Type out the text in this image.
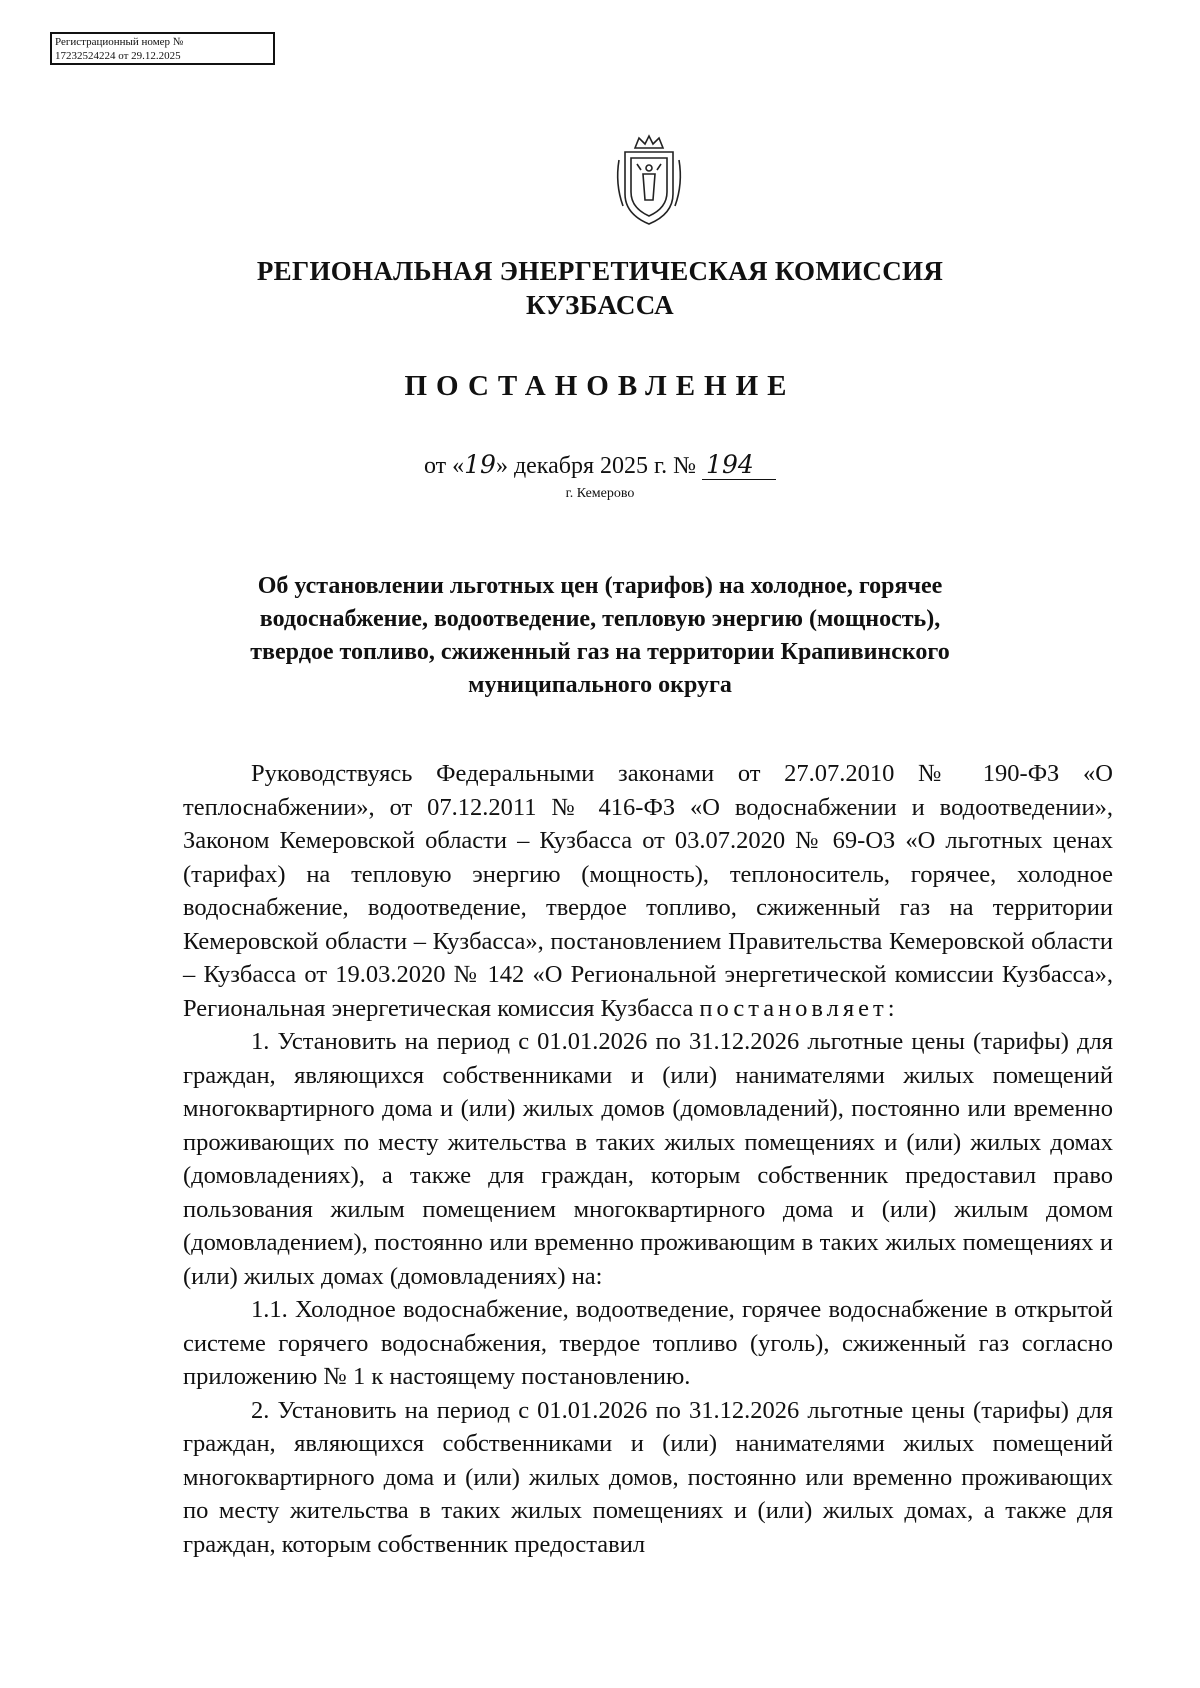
Регистрационный номер №
17232524224 от 29.12.2025
РЕГИОНАЛЬНАЯ ЭНЕРГЕТИЧЕСКАЯ КОМИССИЯ
КУЗБАССА
ПОСТАНОВЛЕНИЕ
от «19» декабря 2025 г. № 194
г. Кемерово
Об установлении льготных цен (тарифов) на холодное, горячее
водоснабжение, водоотведение, тепловую энергию (мощность),
твердое топливо, сжиженный газ на территории Крапивинского
муниципального округа

Руководствуясь Федеральными законами от 27.07.2010 № 190-ФЗ «О теплоснабжении», от 07.12.2011 № 416-ФЗ «О водоснабжении и водоотведении», Законом Кемеровской области – Кузбасса от 03.07.2020 № 69-ОЗ «О льготных ценах (тарифах) на тепловую энергию (мощность), теплоноситель, горячее, холодное водоснабжение, водоотведение, твердое топливо, сжиженный газ на территории Кемеровской области – Кузбасса», постановлением Правительства Кемеровской области – Кузбасса от 19.03.2020 № 142 «О Региональной энергетической комиссии Кузбасса», Региональная энергетическая комиссия Кузбасса постановляет:

1. Установить на период с 01.01.2026 по 31.12.2026 льготные цены (тарифы) для граждан, являющихся собственниками и (или) нанимателями жилых помещений многоквартирного дома и (или) жилых домов (домовладений), постоянно или временно проживающих по месту жительства в таких жилых помещениях и (или) жилых домах (домовладениях), а также для граждан, которым собственник предоставил право пользования жилым помещением многоквартирного дома и (или) жилым домом (домовладением), постоянно или временно проживающим в таких жилых помещениях и (или) жилых домах (домовладениях) на:

1.1. Холодное водоснабжение, водоотведение, горячее водоснабжение в открытой системе горячего водоснабжения, твердое топливо (уголь), сжиженный газ согласно приложению № 1 к настоящему постановлению.

2. Установить на период с 01.01.2026 по 31.12.2026 льготные цены (тарифы) для граждан, являющихся собственниками и (или) нанимателями жилых помещений многоквартирного дома и (или) жилых домов, постоянно или временно проживающих по месту жительства в таких жилых помещениях и (или) жилых домах, а также для граждан, которым собственник предоставил
